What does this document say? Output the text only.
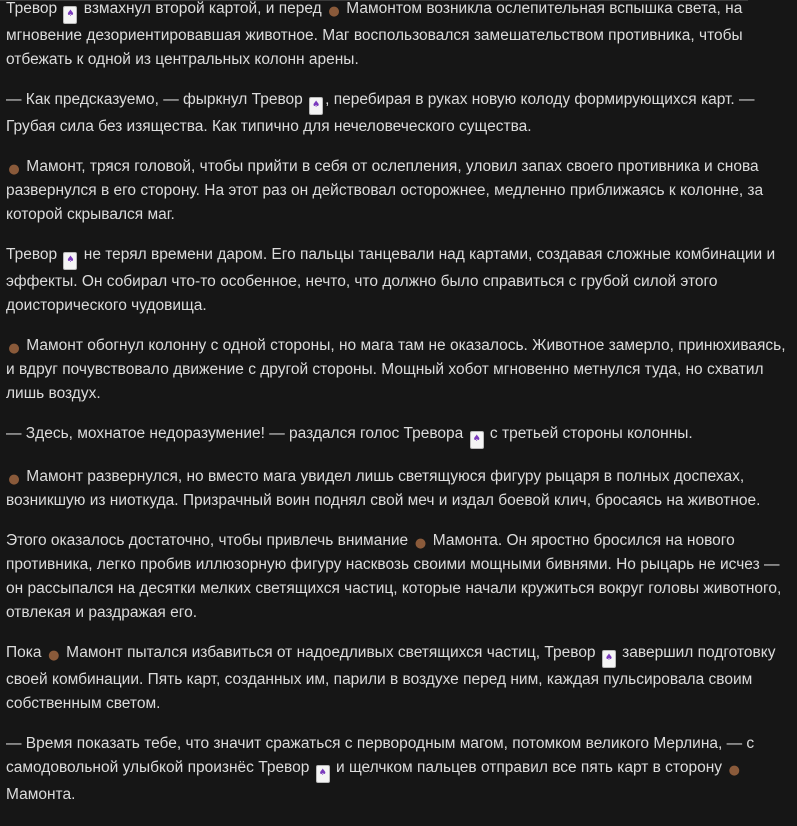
Тревор ♠ взмахнул второй картой, и перед ● Мамонтом возникла ослепительная вспышка света, на мгновение дезориентировавшая животное. Маг воспользовался замешательством противника, чтобы отбежать к одной из центральных колонн арены.

— Как предсказуемо, — фыркнул Тревор ♠ , перебирая в руках новую колоду формирующихся карт. — Грубая сила без изящества. Как типично для нечеловеческого существа.

● Мамонт, тряся головой, чтобы прийти в себя от ослепления, уловил запах своего противника и снова развернулся в его сторону. На этот раз он действовал осторожнее, медленно приближаясь к колонне, за которой скрывался маг.

Тревор ♠ не терял времени даром. Его пальцы танцевали над картами, создавая сложные комбинации и эффекты. Он собирал что-то особенное, нечто, что должно было справиться с грубой силой этого доисторического чудовища.

● Мамонт обогнул колонну с одной стороны, но мага там не оказалось. Животное замерло, принюхиваясь, и вдруг почувствовало движение с другой стороны. Мощный хобот мгновенно метнулся туда, но схватил лишь воздух.

— Здесь, мохнатое недоразумение! — раздался голос Тревора ♠ с третьей стороны колонны.

● Мамонт развернулся, но вместо мага увидел лишь светящуюся фигуру рыцаря в полных доспехах, возникшую из ниоткуда. Призрачный воин поднял свой меч и издал боевой клич, бросаясь на животное.

Этого оказалось достаточно, чтобы привлечь внимание ● Мамонта. Он яростно бросился на нового противника, легко пробив иллюзорную фигуру насквозь своими мощными бивнями. Но рыцарь не исчез — он рассыпался на десятки мелких светящихся частиц, которые начали кружиться вокруг головы животного, отвлекая и раздражая его.

Пока ● Мамонт пытался избавиться от надоедливых светящихся частиц, Тревор ♠ завершил подготовку своей комбинации. Пять карт, созданных им, парили в воздухе перед ним, каждая пульсировала своим собственным светом.

— Время показать тебе, что значит сражаться с первородным магом, потомком великого Мерлина, — с самодовольной улыбкой произнёс Тревор ♠ и щелчком пальцев отправил все пять карт в сторону ● Мамонта.
